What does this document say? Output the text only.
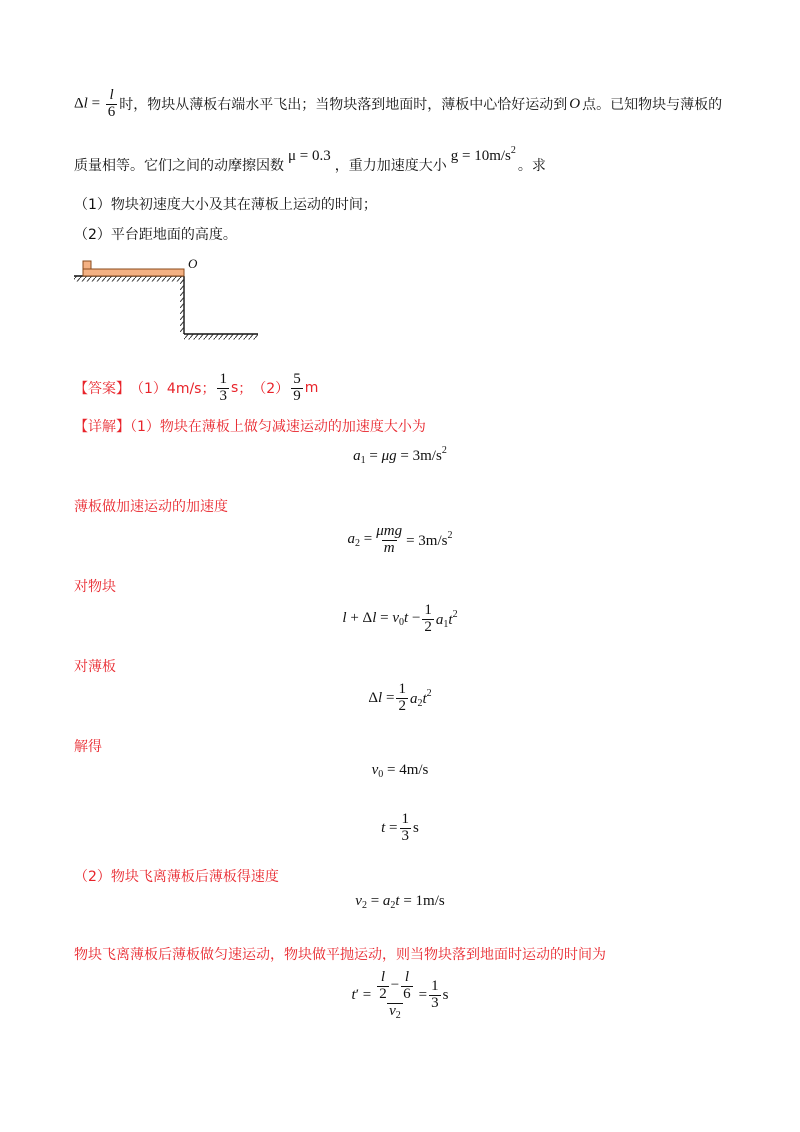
$\Delta l = \frac{l}{6}$ 时，物块从薄板右端水平飞出；当物块落到地面时，薄板中心恰好运动到 O 点。已知物块与薄板的
质量相等。它们之间的动摩擦因数
μ = 0.3
，重力加速度大小
$g = 10m/s^2$
。求
（1）物块初速度大小及其在薄板上运动的时间；
（2）平台距地面的高度。
O
【答案】 （1）4m/s； $\frac{1}{3}$ s ； $(2) \frac{5}{9}$ m
【详解】（1）物块在薄板上做匀减速运动的加速度大小为
$a_1 = \mu g = 3m/s^2$
薄板做加速运动的加速度
$a_2 = \frac{\text{μmg}}{m} = 3m/s^2$
对物块
$l + \Delta l = v_0t - \frac{1}{2} a_1t^2$
对薄板
$\Delta l = \frac{1}{2} a_2t^2$
解得
$v_0 = 4m/s$
$t = \frac{1}{3}$ s
（2）物块飞离薄板后薄板得速度
$v_2 = a_2t = 1m/s$
物块飞离薄板后薄板做匀速运动，物块做平抛运动，则当物块落到地面时运动的时间为
$t' = \frac{\frac{l}{2} - \frac{l}{6}}{v_2} = \frac{1}{3}$ s
